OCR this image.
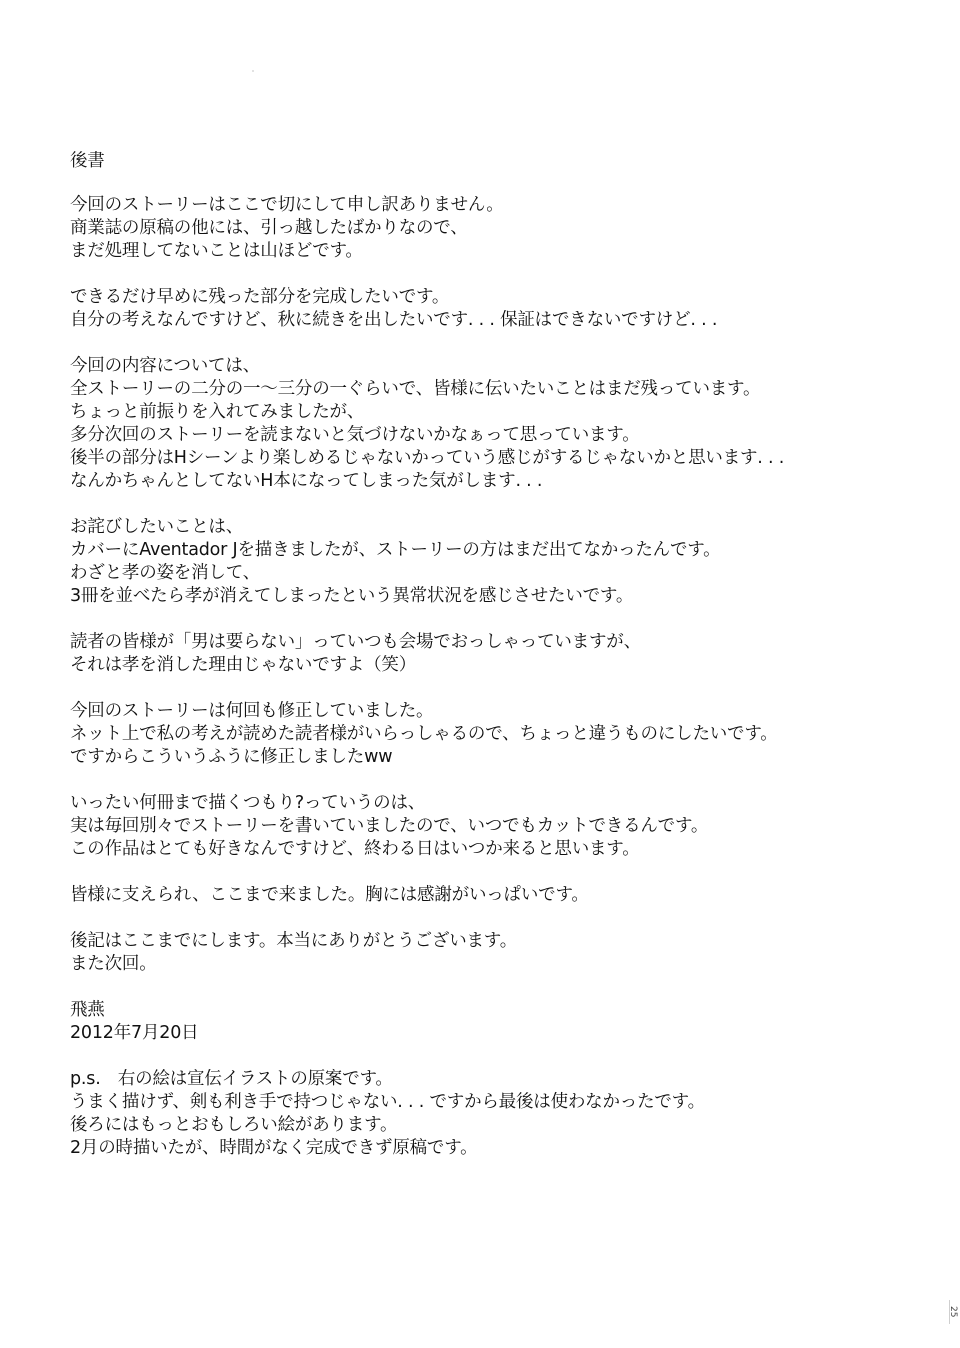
後書
今回のストーリーはここで切にして申し訳ありません。
商業誌の原稿の他には、引っ越したばかりなので、
まだ処理してないことは山ほどです。
できるだけ早めに残った部分を完成したいです。
自分の考えなんですけど、秋に続きを出したいです. . . 保証はできないですけど. . .
今回の内容については、
全ストーリーの二分の一～三分の一ぐらいで、皆様に伝いたいことはまだ残っています。
ちょっと前振りを入れてみましたが、
多分次回のストーリーを読まないと気づけないかなぁって思っています。
後半の部分はHシーンより楽しめるじゃないかっていう感じがするじゃないかと思います. . .
なんかちゃんとしてないH本になってしまった気がします. . .
お詫びしたいことは、
カバーにAventador Jを描きましたが、ストーリーの方はまだ出てなかったんです。
わざと孝の姿を消して、
3冊を並べたら孝が消えてしまったという異常状況を感じさせたいです。
読者の皆様が「男は要らない」っていつも会場でおっしゃっていますが、
それは孝を消した理由じゃないですよ（笑）
今回のストーリーは何回も修正していました。
ネット上で私の考えが読めた読者様がいらっしゃるので、ちょっと違うものにしたいです。
ですからこういうふうに修正しましたww
いったい何冊まで描くつもり?っていうのは、
実は毎回別々でストーリーを書いていましたので、いつでもカットできるんです。
この作品はとても好きなんですけど、終わる日はいつか来ると思います。
皆様に支えられ、ここまで来ました。胸には感謝がいっぱいです。
後記はここまでにします。本当にありがとうございます。
また次回。
飛燕
2012年7月20日
p.s.　右の絵は宣伝イラストの原案です。
うまく描けず、剣も利き手で持つじゃない. . . ですから最後は使わなかったです。
後ろにはもっとおもしろい絵があります。
2月の時描いたが、時間がなく完成できず原稿です。
25
